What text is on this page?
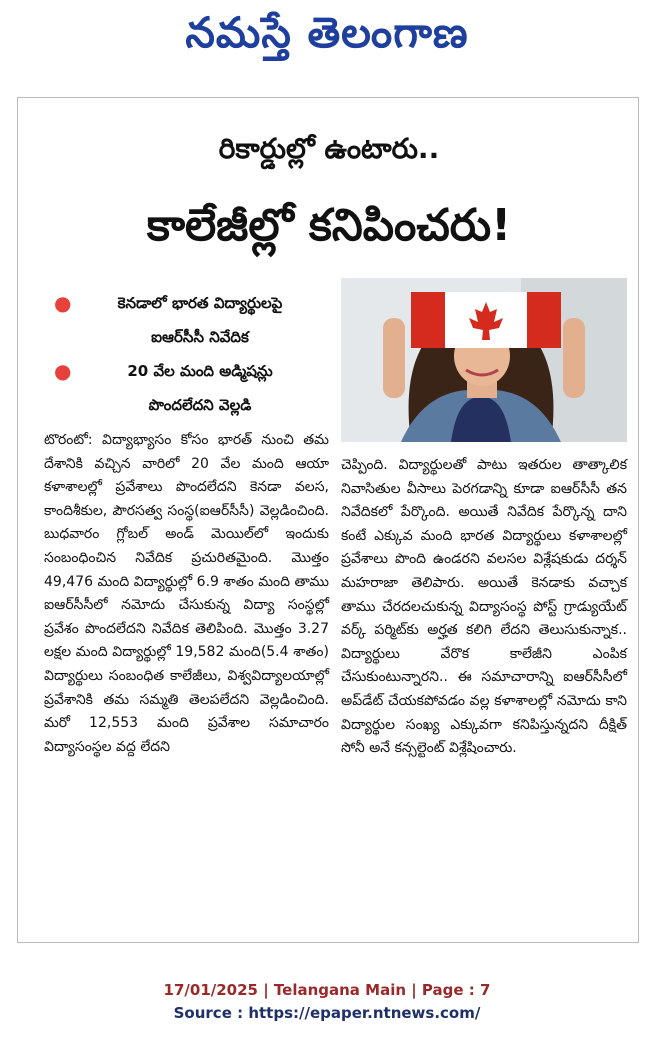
నమస్తే తెలంగాణ
రికార్డుల్లో ఉంటారు..
కాలేజీల్లో కనిపించరు!
●	కెనడాలో భారత విద్యార్థులపై
ఐఆర్‌సీసీ నివేదిక
●	20 వేల మంది అడ్మిషన్లు
పొందలేదని వెల్లడి
టొరంటో: విద్యాభ్యాసం కోసం భారత్‌ నుంచి తమ దేశానికి వచ్చిన వారిలో 20 వేల మంది ఆయా కళాశాలల్లో ప్రవేశాలు పొందలేదని కెనడా వలస, కాందిశీకుల, పౌరసత్వ సంస్థ(ఐఆర్‌సీసీ) వెల్లడించింది. బుధవారం గ్లోబల్‌ అండ్‌ మెయిల్‌లో ఇందుకు సంబంధించిన నివేదిక ప్రచురితమైంది. మొత్తం 49,476 మంది విద్యార్థుల్లో 6.9 శాతం మంది తాము ఐఆర్‌సీసీలో నమోదు చేసుకున్న విద్యా సంస్థల్లో ప్రవేశం పొందలేదని నివేదిక తెలిపింది. మొత్తం 3.27 లక్షల మంది విద్యార్థుల్లో 19,582 మంది(5.4 శాతం) విద్యార్థులు సంబంధిత కాలేజీలు, విశ్వవిద్యాలయాల్లో ప్రవేశానికి తమ సమ్మతి తెలపలేదని వెల్లడించింది. మరో 12,553 మంది ప్రవేశాల సమాచారం విద్యాసంస్థల వద్ద లేదని
చెప్పింది. విద్యార్థులతో పాటు ఇతరుల తాత్కాలిక నివాసితుల వీసాలు పెరగడాన్ని కూడా ఐఆర్‌సీసీ తన నివేదికలో పేర్కొంది. అయితే నివేదిక పేర్కొన్న దాని కంటే ఎక్కువ మంది భారత విద్యార్థులు కళాశాలల్లో ప్రవేశాలు పొంది ఉండరని వలసల విశ్లేషకుడు దర్శన్‌ మహరాజా తెలిపారు. అయితే కెనడాకు వచ్చాక తాము చేరదలచుకున్న విద్యాసంస్థ పోస్ట్‌ గ్రాడ్యుయేట్‌ వర్క్‌ పర్మిట్‌కు అర్హత కలిగి లేదని తెలుసుకున్నాక.. విద్యార్థులు వేరొక కాలేజీని ఎంపిక చేసుకుంటున్నారని.. ఈ సమాచారాన్ని ఐఆర్‌సీసీలో అప్‌డేట్‌ చేయకపోవడం వల్ల కళాశాలల్లో నమోదు కాని విద్యార్థుల సంఖ్య ఎక్కువగా కనిపిస్తున్నదని దీక్షిత్‌ సోనీ అనే కన్సల్టెంట్‌ విశ్లేషించారు.
17/01/2025 | Telangana Main | Page : 7
Source : https://epaper.ntnews.com/
